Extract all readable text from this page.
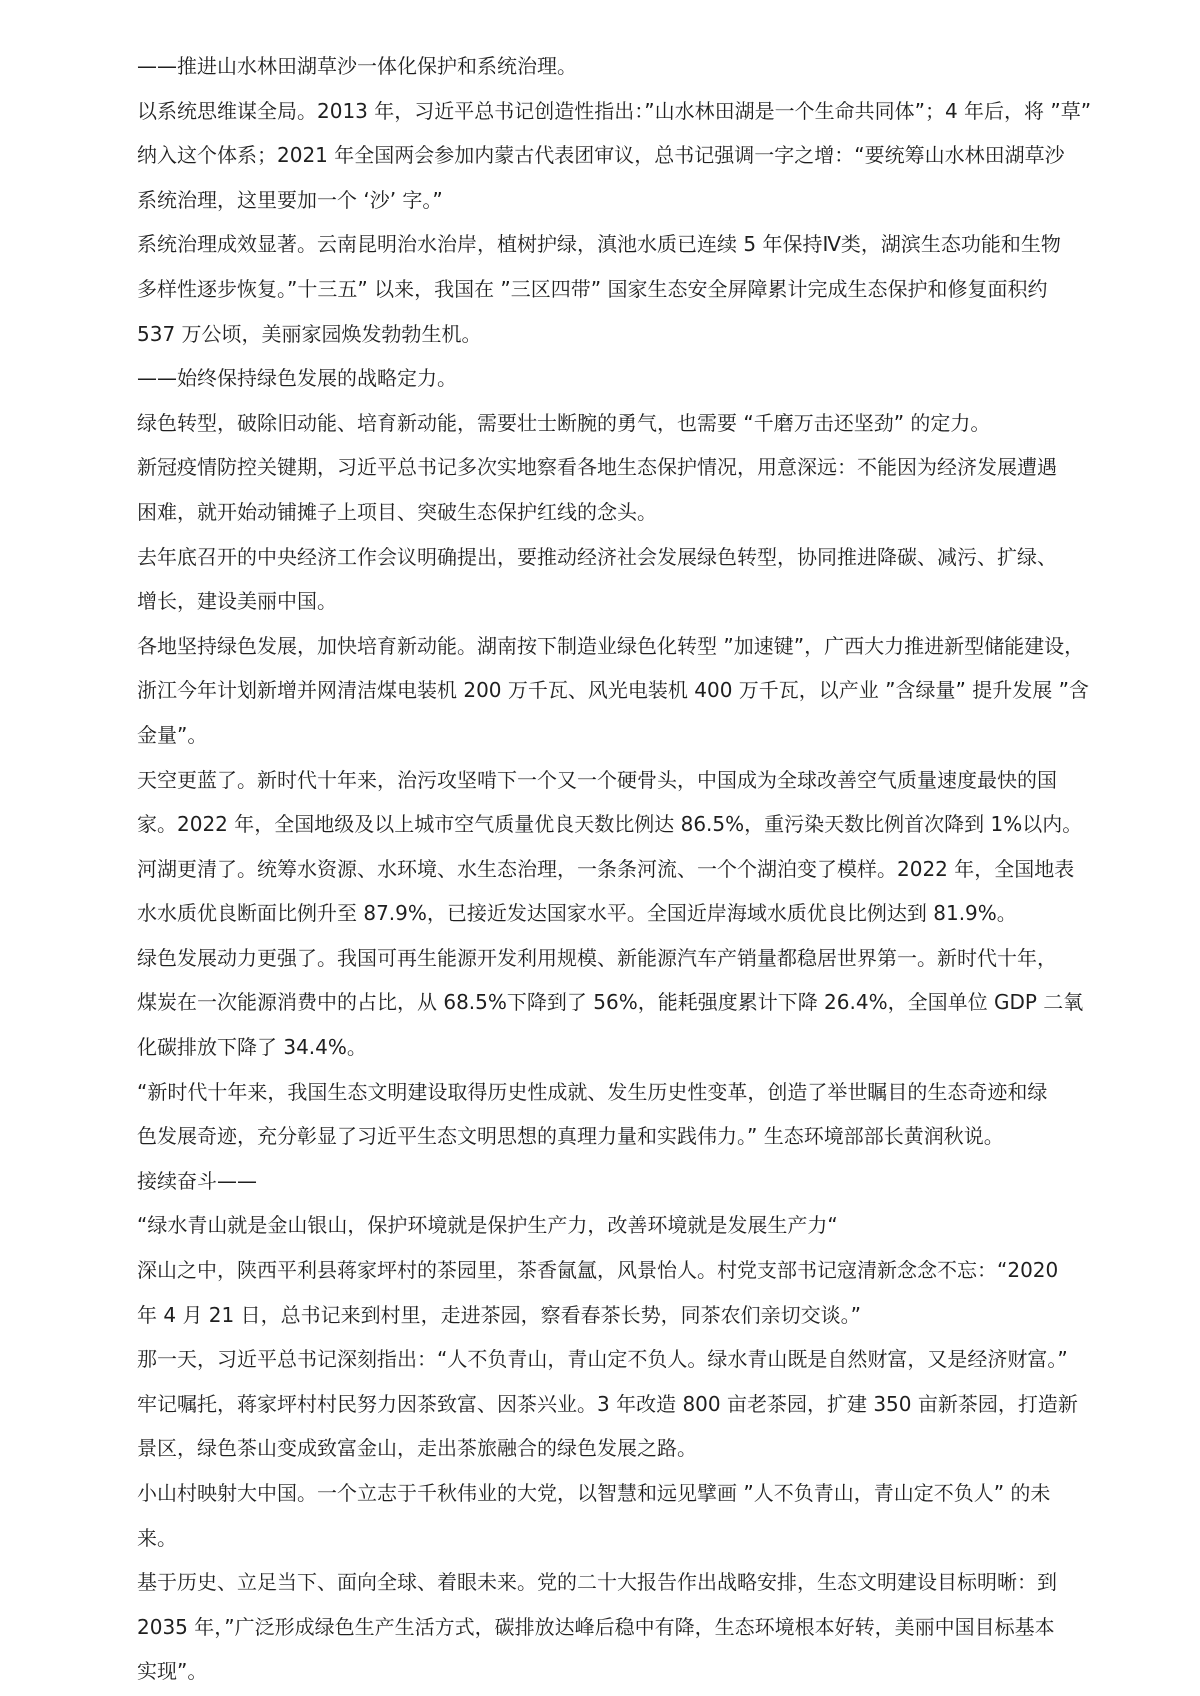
——推进山水林田湖草沙一体化保护和系统治理。

以系统思维谋全局。2013 年，习近平总书记创造性指出：”山水林田湖是一个生命共同体”；4 年后，将 ”草”

纳入这个体系；2021 年全国两会参加内蒙古代表团审议，总书记强调一字之增：“要统筹山水林田湖草沙

系统治理，这里要加一个 ‘沙’ 字。”

系统治理成效显著。云南昆明治水治岸，植树护绿，滇池水质已连续 5 年保持Ⅳ类，湖滨生态功能和生物

多样性逐步恢复。”十三五” 以来，我国在 ”三区四带” 国家生态安全屏障累计完成生态保护和修复面积约

537 万公顷，美丽家园焕发勃勃生机。

——始终保持绿色发展的战略定力。

绿色转型，破除旧动能、培育新动能，需要壮士断腕的勇气，也需要 “千磨万击还坚劲” 的定力。

新冠疫情防控关键期，习近平总书记多次实地察看各地生态保护情况，用意深远：不能因为经济发展遭遇

困难，就开始动铺摊子上项目、突破生态保护红线的念头。

去年底召开的中央经济工作会议明确提出，要推动经济社会发展绿色转型，协同推进降碳、减污、扩绿、

增长，建设美丽中国。

各地坚持绿色发展，加快培育新动能。湖南按下制造业绿色化转型 ”加速键”，广西大力推进新型储能建设，

浙江今年计划新增并网清洁煤电装机 200 万千瓦、风光电装机 400 万千瓦，以产业 ”含绿量” 提升发展 ”含

金量”。

天空更蓝了。新时代十年来，治污攻坚啃下一个又一个硬骨头，中国成为全球改善空气质量速度最快的国

家。2022 年，全国地级及以上城市空气质量优良天数比例达 86.5%，重污染天数比例首次降到 1%以内。

河湖更清了。统筹水资源、水环境、水生态治理，一条条河流、一个个湖泊变了模样。2022 年，全国地表

水水质优良断面比例升至 87.9%，已接近发达国家水平。全国近岸海域水质优良比例达到 81.9%。

绿色发展动力更强了。我国可再生能源开发利用规模、新能源汽车产销量都稳居世界第一。新时代十年，

煤炭在一次能源消费中的占比，从 68.5%下降到了 56%，能耗强度累计下降 26.4%，全国单位 GDP 二氧

化碳排放下降了 34.4%。

“新时代十年来，我国生态文明建设取得历史性成就、发生历史性变革，创造了举世瞩目的生态奇迹和绿

色发展奇迹，充分彰显了习近平生态文明思想的真理力量和实践伟力。” 生态环境部部长黄润秋说。

接续奋斗——

“绿水青山就是金山银山，保护环境就是保护生产力，改善环境就是发展生产力“

深山之中，陕西平利县蒋家坪村的茶园里，茶香氤氲，风景怡人。村党支部书记寇清新念念不忘：“2020

年 4 月 21 日，总书记来到村里，走进茶园，察看春茶长势，同茶农们亲切交谈。”

那一天，习近平总书记深刻指出：“人不负青山，青山定不负人。绿水青山既是自然财富，又是经济财富。”

牢记嘱托，蒋家坪村村民努力因茶致富、因茶兴业。3 年改造 800 亩老茶园，扩建 350 亩新茶园，打造新

景区，绿色茶山变成致富金山，走出茶旅融合的绿色发展之路。

小山村映射大中国。一个立志于千秋伟业的大党，以智慧和远见擘画 ”人不负青山，青山定不负人” 的未

来。

基于历史、立足当下、面向全球、着眼未来。党的二十大报告作出战略安排，生态文明建设目标明晰：到

2035 年，”广泛形成绿色生产生活方式，碳排放达峰后稳中有降，生态环境根本好转，美丽中国目标基本

实现”。
